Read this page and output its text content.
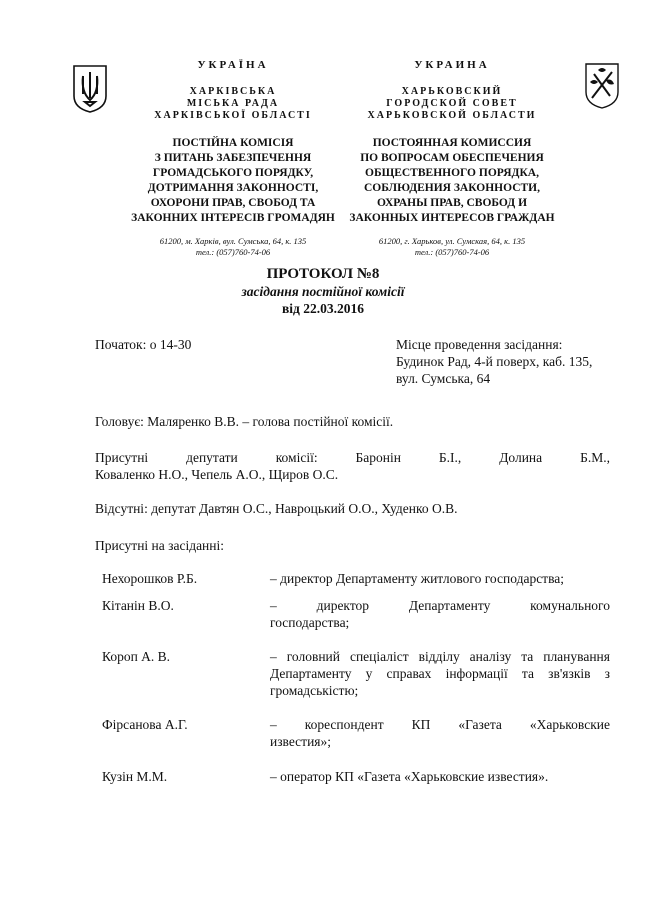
УКРАЇНА
ХАРКІВСЬКА
МІСЬКА РАДА
ХАРКІВСЬКОЇ ОБЛАСТІ
ПОСТІЙНА КОМІСІЯ
З ПИТАНЬ ЗАБЕЗПЕЧЕННЯ
ГРОМАДСЬКОГО ПОРЯДКУ,
ДОТРИМАННЯ ЗАКОННОСТІ,
ОХОРОНИ ПРАВ, СВОБОД ТА
ЗАКОННИХ ІНТЕРЕСІВ ГРОМАДЯН
61200, м. Харків, вул. Сумська, 64, к. 135
тел.: (057)760-74-06
УКРАИНА
ХАРЬКОВСКИЙ
ГОРОДСКОЙ СОВЕТ
ХАРЬКОВСКОЙ ОБЛАСТИ
ПОСТОЯННАЯ КОМИССИЯ
ПО ВОПРОСАМ ОБЕСПЕЧЕНИЯ
ОБЩЕСТВЕННОГО ПОРЯДКА,
СОБЛЮДЕНИЯ ЗАКОННОСТИ,
ОХРАНЫ ПРАВ, СВОБОД И
ЗАКОННЫХ ИНТЕРЕСОВ ГРАЖДАН
61200, г. Харьков, ул. Сумская, 64, к. 135
тел.: (057)760-74-06
ПРОТОКОЛ №8
засідання постійної комісії
від 22.03.2016
Початок: о 14-30	Місце проведення засідання:
Будинок Рад, 4-й поверх, каб. 135,
вул. Сумська, 64
Головує: Маляренко В.В. – голова постійної комісії.
Присутні	депутати	комісії:	Баронін	Б.І.,	Долина	Б.М.,
Коваленко Н.О., Чепель А.О., Щиров О.С.
Відсутні: депутат Давтян О.С., Навроцький О.О., Худенко О.В.
Присутні на засіданні:
Нехорошков Р.Б.	– директор Департаменту житлового господарства;
Кітанін В.О.	– директор Департаменту комунального
господарства;
Короп А. В.	– головний спеціаліст відділу аналізу та планування
Департаменту у справах інформації та зв'язків з
громадськістю;
Фірсанова А.Г.	– кореспондент КП «Газета «Харьковские
известия»;
Кузін М.М.	– оператор КП «Газета «Харьковские известия».
